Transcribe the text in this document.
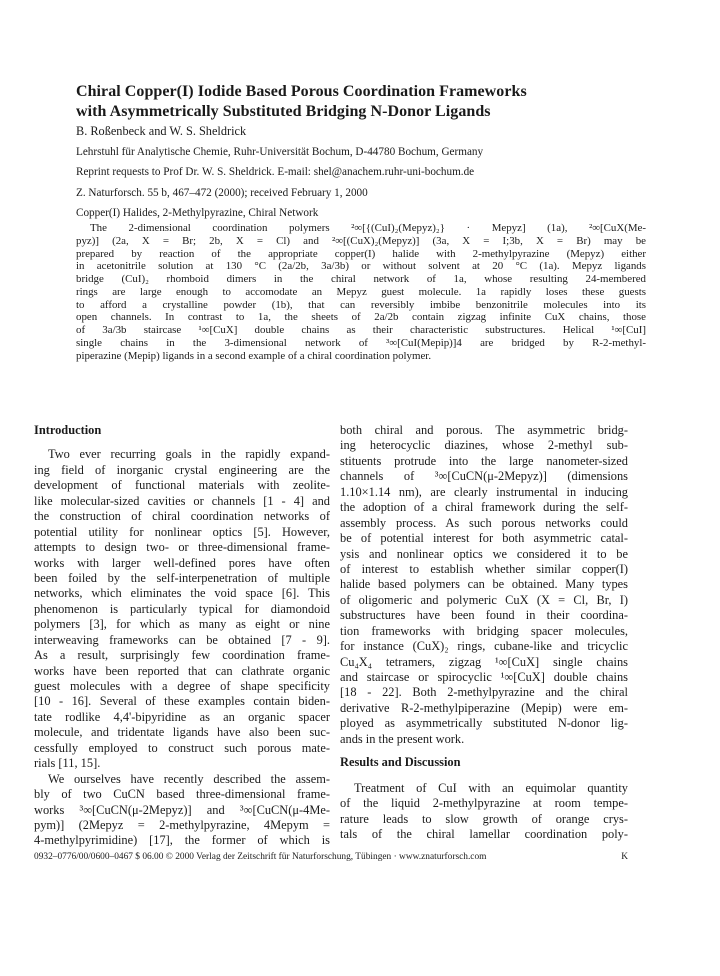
Chiral Copper(I) Iodide Based Porous Coordination Frameworks
with Asymmetrically Substituted Bridging N-Donor Ligands
B. Roßenbeck and W. S. Sheldrick
Lehrstuhl für Analytische Chemie, Ruhr-Universität Bochum, D-44780 Bochum, Germany
Reprint requests to Prof Dr. W. S. Sheldrick. E-mail: shel@anachem.ruhr-uni-bochum.de
Z. Naturforsch. 55 b, 467–472 (2000); received February 1, 2000
Copper(I) Halides, 2-Methylpyrazine, Chiral Network
The 2-dimensional coordination polymers ²∞[{(CuI)₂(Mepyz)₂} · Mepyz] (1a), ²∞[CuX(Me-
pyz)] (2a, X = Br; 2b, X = Cl) and ²∞[(CuX)₂(Mepyz)] (3a, X = I;3b, X = Br) may be
prepared by reaction of the appropriate copper(I) halide with 2-methylpyrazine (Mepyz) either
in acetonitrile solution at 130 °C (2a/2b, 3a/3b) or without solvent at 20 °C (1a). Mepyz ligands
bridge (CuI)₂ rhomboid dimers in the chiral network of 1a, whose resulting 24-membered
rings are large enough to accomodate an Mepyz guest molecule. 1a rapidly loses these guests
to afford a crystalline powder (1b), that can reversibly imbibe benzonitrile molecules into its
open channels. In contrast to 1a, the sheets of 2a/2b contain zigzag infinite CuX chains, those
of 3a/3b staircase ¹∞[CuX] double chains as their characteristic substructures. Helical ¹∞[CuI]
single chains in the 3-dimensional network of ³∞[CuI(Mepip)]4 are bridged by R-2-methyl-
piperazine (Mepip) ligands in a second example of a chiral coordination polymer.
Introduction
Two ever recurring goals in the rapidly expand-
ing field of inorganic crystal engineering are the
development of functional materials with zeolite-
like molecular-sized cavities or channels [1 - 4] and
the construction of chiral coordination networks of
potential utility for nonlinear optics [5]. However,
attempts to design two- or three-dimensional frame-
works with larger well-defined pores have often
been foiled by the self-interpenetration of multiple
networks, which eliminates the void space [6]. This
phenomenon is particularly typical for diamondoid
polymers [3], for which as many as eight or nine
interweaving frameworks can be obtained [7 - 9].
As a result, surprisingly few coordination frame-
works have been reported that can clathrate organic
guest molecules with a degree of shape specificity
[10 - 16]. Several of these examples contain biden-
tate rodlike 4,4'-bipyridine as an organic spacer
molecule, and tridentate ligands have also been suc-
cessfully employed to construct such porous mate-
rials [11, 15].
We ourselves have recently described the assem-
bly of two CuCN based three-dimensional frame-
works ³∞[CuCN(μ-2Mepyz)] and ³∞[CuCN(μ-4Me-
pym)] (2Mepyz = 2-methylpyrazine, 4Mepym =
4-methylpyrimidine) [17], the former of which is
both chiral and porous. The asymmetric bridg-
ing heterocyclic diazines, whose 2-methyl sub-
stituents protrude into the large nanometer-sized
channels of ³∞[CuCN(μ-2Mepyz)] (dimensions
1.10×1.14 nm), are clearly instrumental in inducing
the adoption of a chiral framework during the self-
assembly process. As such porous networks could
be of potential interest for both asymmetric catal-
ysis and nonlinear optics we considered it to be
of interest to establish whether similar copper(I)
halide based polymers can be obtained. Many types
of oligomeric and polymeric CuX (X = Cl, Br, I)
substructures have been found in their coordina-
tion frameworks with bridging spacer molecules,
for instance (CuX)₂ rings, cubane-like and tricyclic
Cu₄X₄ tetramers, zigzag ¹∞[CuX] single chains
and staircase or spirocyclic ¹∞[CuX] double chains
[18 - 22]. Both 2-methylpyrazine and the chiral
derivative R-2-methylpiperazine (Mepip) were em-
ployed as asymmetrically substituted N-donor lig-
ands in the present work.
Results and Discussion
Treatment of CuI with an equimolar quantity
of the liquid 2-methylpyrazine at room tempe-
rature leads to slow growth of orange crys-
tals of the chiral lamellar coordination poly-
0932–0776/00/0600–0467 $ 06.00 © 2000 Verlag der Zeitschrift für Naturforschung, Tübingen · www.znaturforsch.com	K
